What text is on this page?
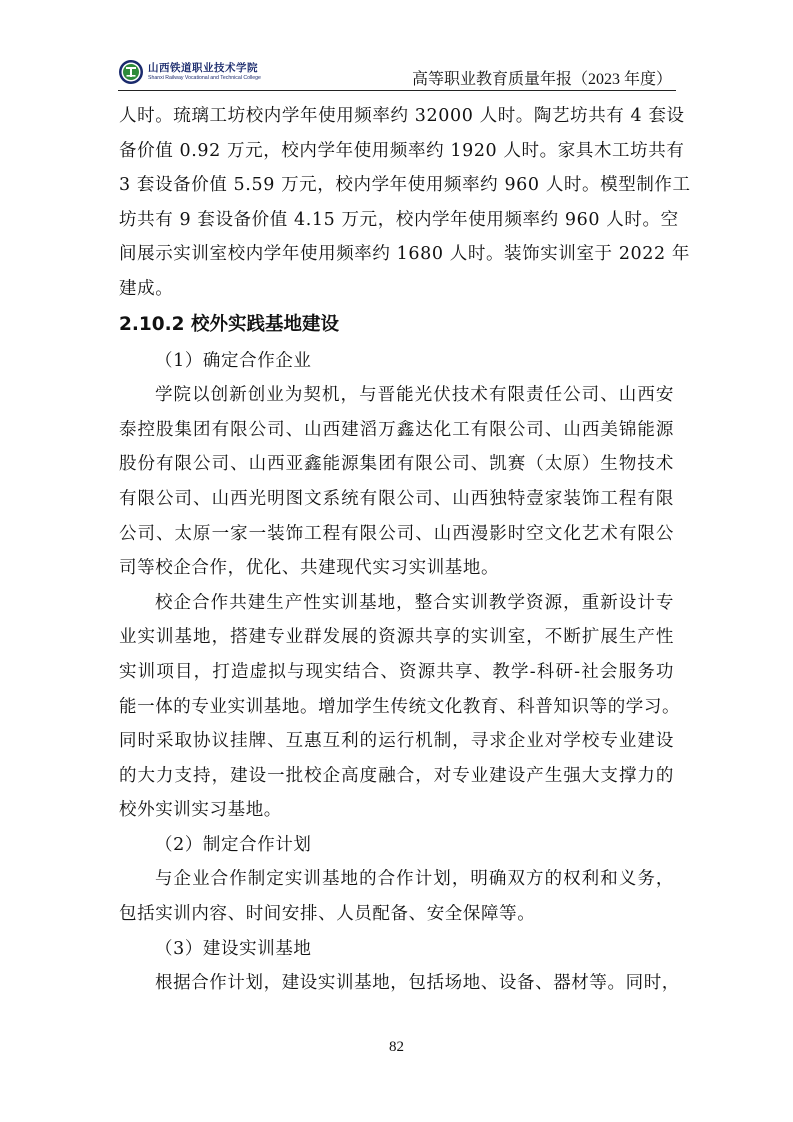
山西铁道职业技术学院
Shanxi Railway Vocational and Technical College	高等职业教育质量年报（2023 年度）

人时。琉璃工坊校内学年使用频率约 32000 人时。陶艺坊共有 4 套设
备价值 0.92 万元，校内学年使用频率约 1920 人时。家具木工坊共有
3 套设备价值 5.59 万元，校内学年使用频率约 960 人时。模型制作工
坊共有 9 套设备价值 4.15 万元，校内学年使用频率约 960 人时。空
间展示实训室校内学年使用频率约 1680 人时。装饰实训室于 2022 年
建成。

2.10.2 校外实践基地建设
（1）确定合作企业

学院以创新创业为契机，与晋能光伏技术有限责任公司、山西安
泰控股集团有限公司、山西建滔万鑫达化工有限公司、山西美锦能源
股份有限公司、山西亚鑫能源集团有限公司、凯赛（太原）生物技术
有限公司、山西光明图文系统有限公司、山西独特壹家装饰工程有限
公司、太原一家一装饰工程有限公司、山西漫影时空文化艺术有限公
司等校企合作，优化、共建现代实习实训基地。

校企合作共建生产性实训基地，整合实训教学资源，重新设计专
业实训基地，搭建专业群发展的资源共享的实训室，不断扩展生产性
实训项目，打造虚拟与现实结合、资源共享、教学-科研-社会服务功
能一体的专业实训基地。增加学生传统文化教育、科普知识等的学习。
同时采取协议挂牌、互惠互利的运行机制，寻求企业对学校专业建设
的大力支持，建设一批校企高度融合，对专业建设产生强大支撑力的
校外实训实习基地。

（2）制定合作计划

与企业合作制定实训基地的合作计划，明确双方的权利和义务，
包括实训内容、时间安排、人员配备、安全保障等。

（3）建设实训基地

根据合作计划，建设实训基地，包括场地、设备、器材等。同时，

82
